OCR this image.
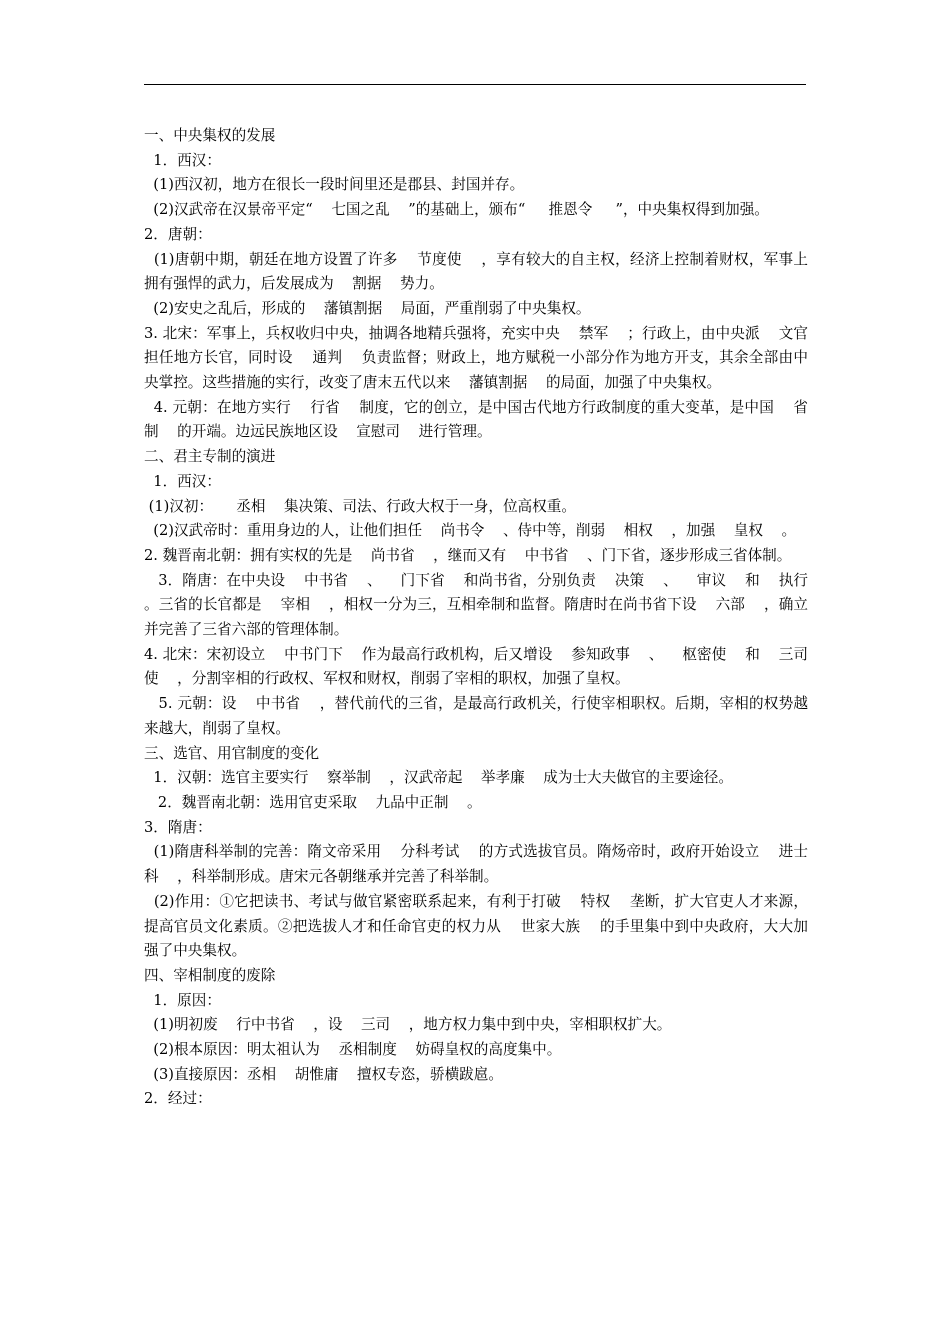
一、中央集权的发展

1．西汉：

(1)西汉初，地方在很长一段时间里还是郡县、封国并存。

(2)汉武帝在汉景帝平定“    七国之乱    ”的基础上，颁布“     推恩令     ”，中央集权得到加强。

2．唐朝：

(1)唐朝中期，朝廷在地方设置了许多    节度使    ，享有较大的自主权，经济上控制着财权，军事上拥有强悍的武力，后发展成为    割据    势力。

(2)安史之乱后，形成的    藩镇割据    局面，严重削弱了中央集权。

3. 北宋：军事上，兵权收归中央，抽调各地精兵强将，充实中央    禁军    ；行政上，由中央派    文官    担任地方长官，同时设    通判    负责监督；财政上，地方赋税一小部分作为地方开支，其余全部由中央掌控。这些措施的实行，改变了唐末五代以来    藩镇割据    的局面，加强了中央集权。

4. 元朝：在地方实行    行省    制度，它的创立，是中国古代地方行政制度的重大变革，是中国    省制    的开端。边远民族地区设    宣慰司    进行管理。

二、君主专制的演进

1．西汉：

(1)汉初：     丞相    集决策、司法、行政大权于一身，位高权重。

(2)汉武帝时：重用身边的人，让他们担任    尚书令    、侍中等，削弱    相权    ，加强    皇权    。

2. 魏晋南北朝：拥有实权的先是    尚书省    ，继而又有    中书省    、门下省，逐步形成三省体制。

3．隋唐：在中央设    中书省    、    门下省    和尚书省，分别负责    决策    、    审议    和    执行    。三省的长官都是    宰相    ，相权一分为三，互相牵制和监督。隋唐时在尚书省下设    六部    ，确立并完善了三省六部的管理体制。

4. 北宋：宋初设立    中书门下    作为最高行政机构，后又增设    参知政事    、    枢密使    和    三司使    ，分割宰相的行政权、军权和财权，削弱了宰相的职权，加强了皇权。

5. 元朝：设    中书省    ，替代前代的三省，是最高行政机关，行使宰相职权。后期，宰相的权势越来越大，削弱了皇权。

三、选官、用官制度的变化

1．汉朝：选官主要实行    察举制    ，汉武帝起    举孝廉    成为士大夫做官的主要途径。

2．魏晋南北朝：选用官吏采取    九品中正制    。

3．隋唐：

(1)隋唐科举制的完善：隋文帝采用    分科考试    的方式选拔官员。隋炀帝时，政府开始设立    进士科    ，科举制形成。唐宋元各朝继承并完善了科举制。

(2)作用：①它把读书、考试与做官紧密联系起来，有利于打破    特权    垄断，扩大官吏人才来源，提高官员文化素质。②把选拔人才和任命官吏的权力从    世家大族    的手里集中到中央政府，大大加强了中央集权。

四、宰相制度的废除

1．原因：

(1)明初废    行中书省    ，设    三司    ，地方权力集中到中央，宰相职权扩大。

(2)根本原因：明太祖认为    丞相制度    妨碍皇权的高度集中。

(3)直接原因：丞相    胡惟庸    擅权专恣，骄横跋扈。

2．经过：
